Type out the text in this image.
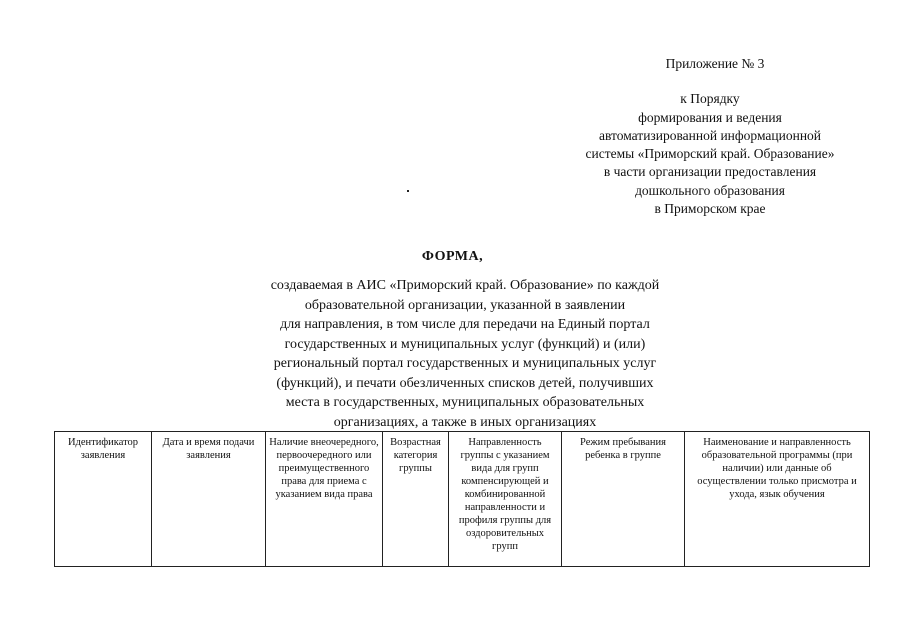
Приложение № 3
к Порядку
формирования и ведения
автоматизированной информационной
системы «Приморский край. Образование»
в части организации предоставления
дошкольного образования
в Приморском крае
ФОРМА,
создаваемая в АИС «Приморский край. Образование» по каждой
образовательной организации, указанной в заявлении
для направления, в том числе для передачи на Единый портал
государственных и муниципальных услуг (функций) и (или)
региональный портал государственных и муниципальных услуг
(функций), и печати обезличенных списков детей, получивших
места в государственных, муниципальных образовательных
организациях, а также в иных организациях
Идентификатор заявления	Дата и время подачи заявления	Наличие внеочередного, первоочередного или преимущественного права для приема с указанием вида права	Возрастная категория группы	Направленность группы с указанием вида для групп компенсирующей и комбинированной направленности и профиля группы для оздоровительных групп	Режим пребывания ребенка в группе	Наименование и направленность образовательной программы (при наличии) или данные об осуществлении только присмотра и ухода, язык обучения
